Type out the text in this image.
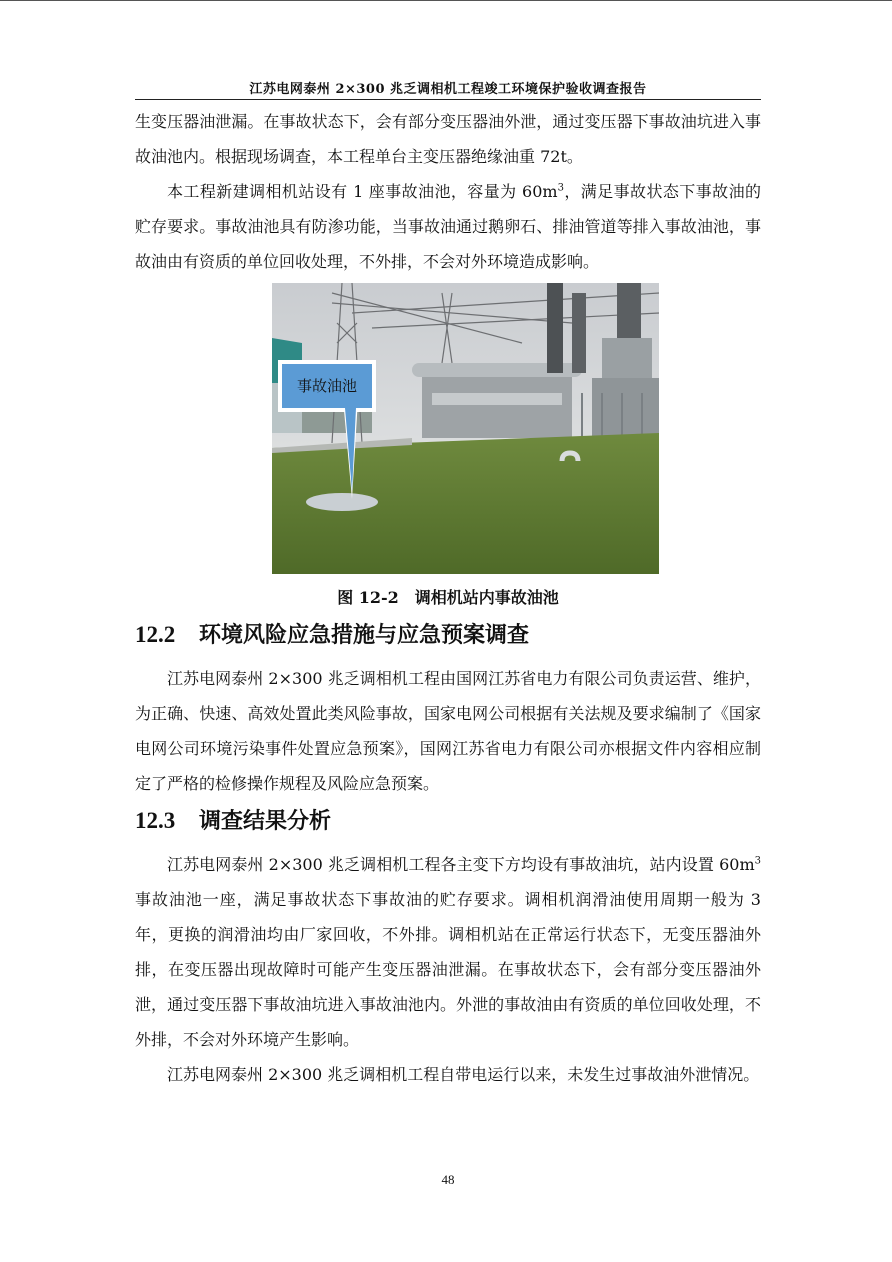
江苏电网泰州 2×300 兆乏调相机工程竣工环境保护验收调查报告

生变压器油泄漏。在事故状态下，会有部分变压器油外泄，通过变压器下事故油坑进入事故油池内。根据现场调查，本工程单台主变压器绝缘油重 72t。

本工程新建调相机站设有 1 座事故油池，容量为 $60m^3$，满足事故状态下事故油的贮存要求。事故油池具有防渗功能，当事故油通过鹅卵石、排油管道等排入事故油池，事故油由有资质的单位回收处理，不外排，不会对外环境造成影响。

事故油池
图 12-2　调相机站内事故油池
12.2 环境风险应急措施与应急预案调查

江苏电网泰州 2×300 兆乏调相机工程由国网江苏省电力有限公司负责运营、维护，为正确、快速、高效处置此类风险事故，国家电网公司根据有关法规及要求编制了《国家电网公司环境污染事件处置应急预案》，国网江苏省电力有限公司亦根据文件内容相应制定了严格的检修操作规程及风险应急预案。

12.3 调查结果分析

江苏电网泰州 2×300 兆乏调相机工程各主变下方均设有事故油坑，站内设置 $60m^3$ 事故油池一座，满足事故状态下事故油的贮存要求。调相机润滑油使用周期一般为 3 年，更换的润滑油均由厂家回收，不外排。调相机站在正常运行状态下，无变压器油外排，在变压器出现故障时可能产生变压器油泄漏。在事故状态下，会有部分变压器油外泄，通过变压器下事故油坑进入事故油池内。外泄的事故油由有资质的单位回收处理，不外排，不会对外环境产生影响。

江苏电网泰州 2×300 兆乏调相机工程自带电运行以来，未发生过事故油外泄情况。

48
